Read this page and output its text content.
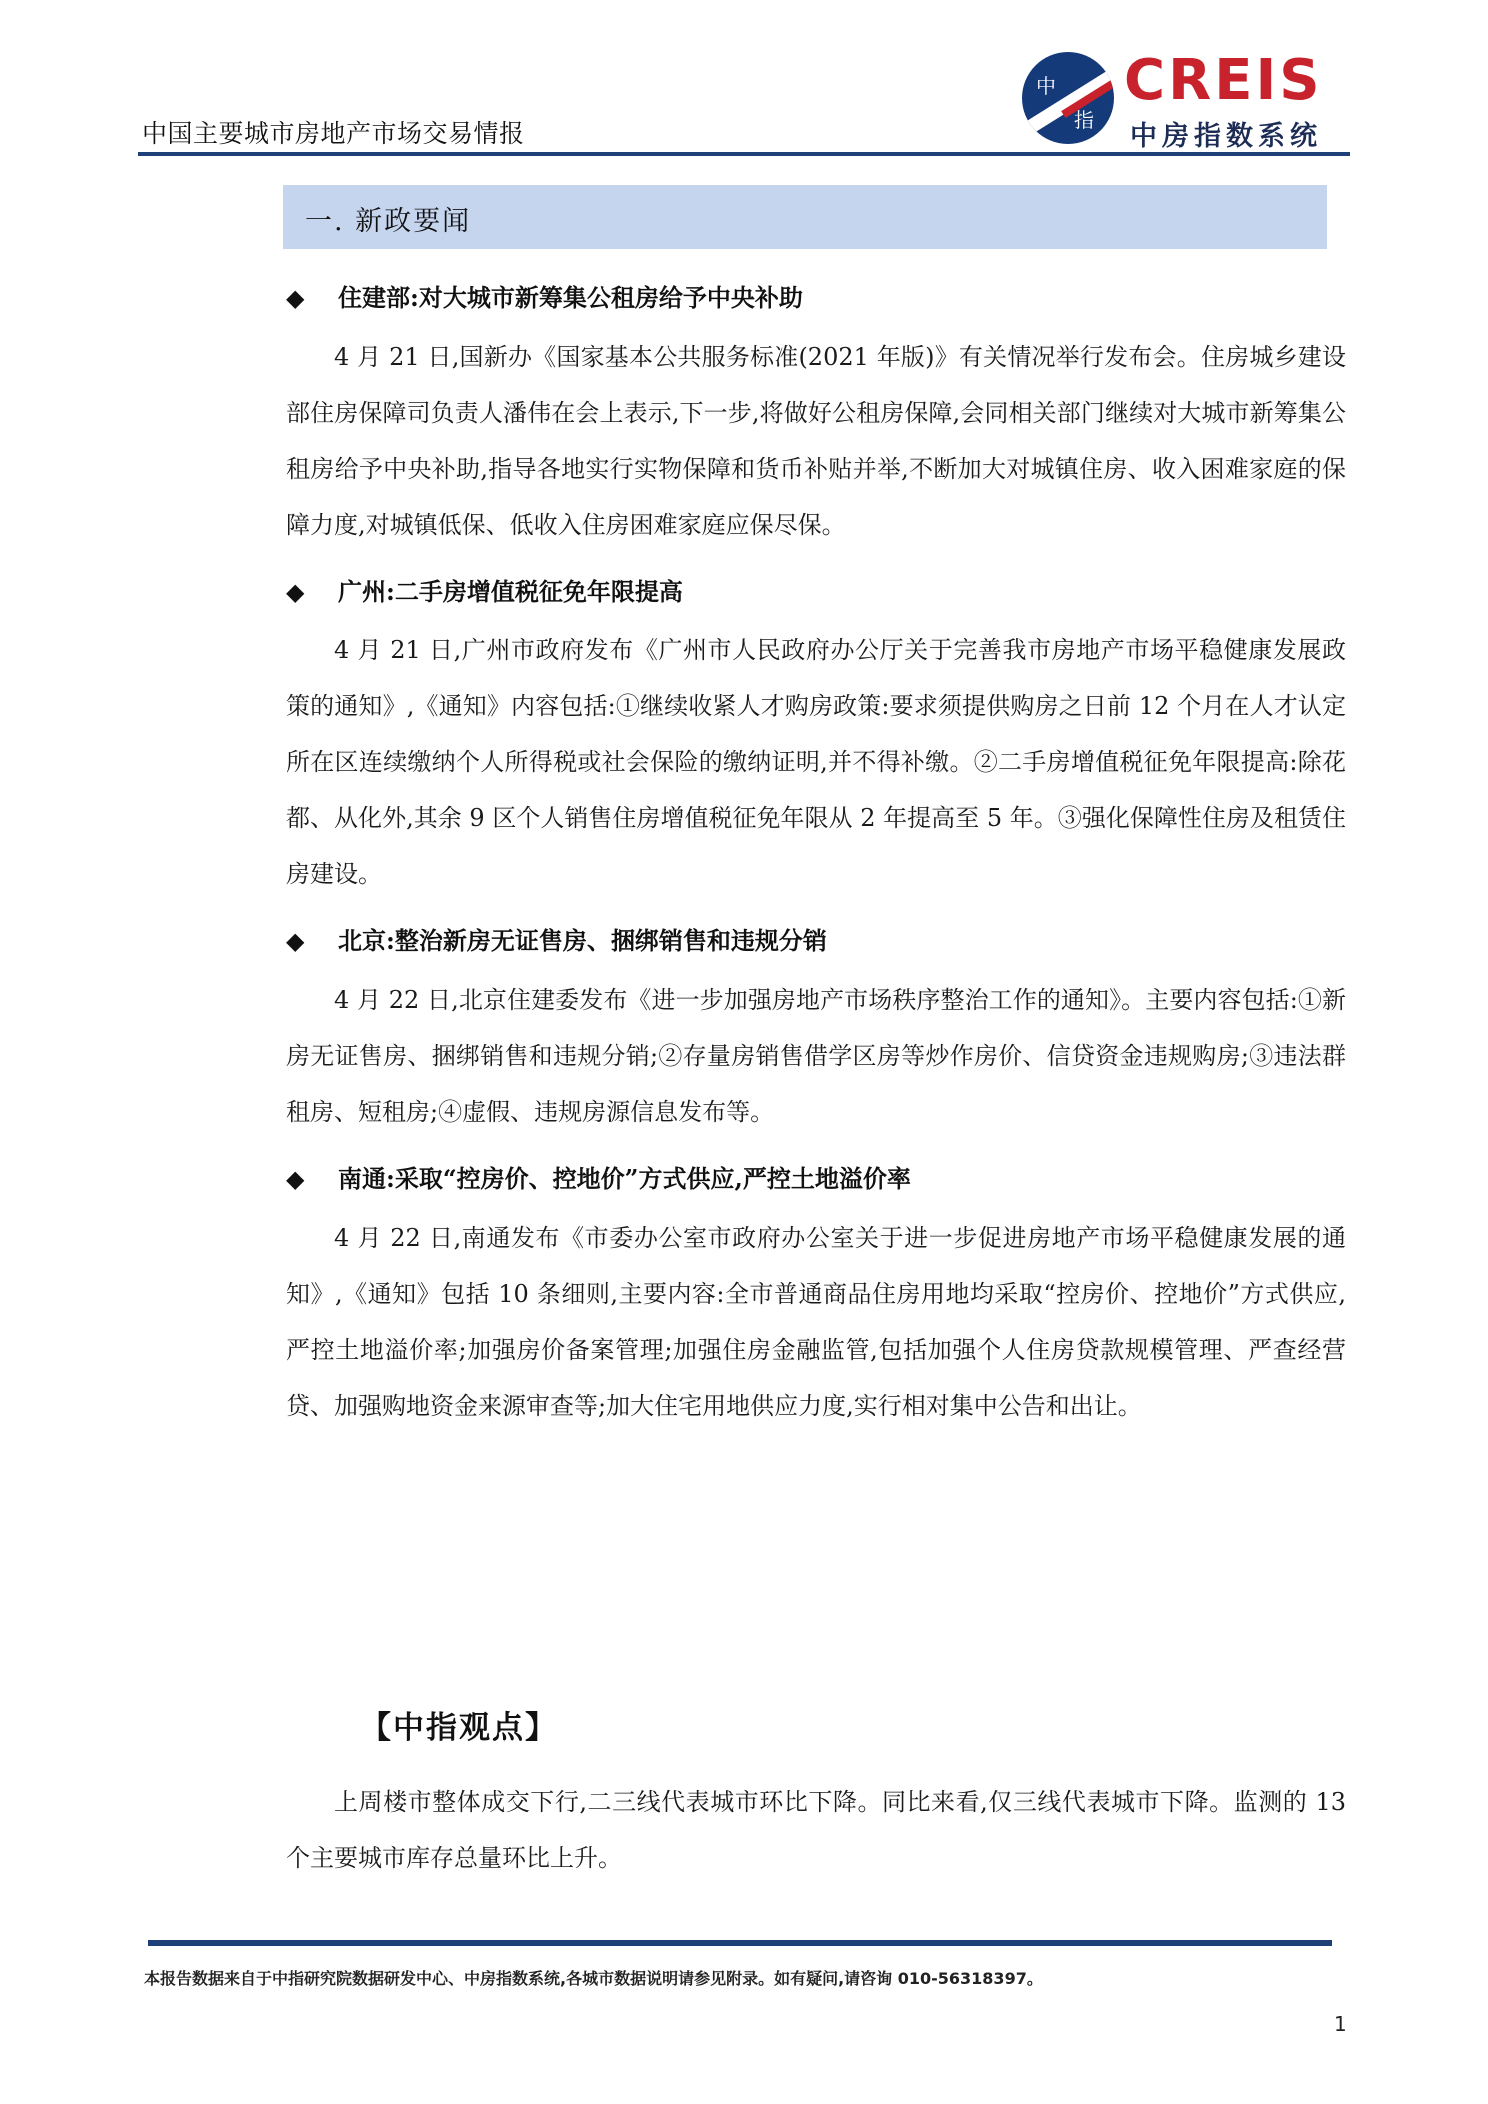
中国主要城市房地产市场交易情报
中
指
CREIS
中房指数系统
一. 新政要闻
◆ 住建部:对大城市新筹集公租房给予中央补助

4 月 21 日,国新办《国家基本公共服务标准(2021 年版)》有关情况举行发布会。住房城乡建设部住房保障司负责人潘伟在会上表示,下一步,将做好公租房保障,会同相关部门继续对大城市新筹集公租房给予中央补助,指导各地实行实物保障和货币补贴并举,不断加大对城镇住房、收入困难家庭的保障力度,对城镇低保、低收入住房困难家庭应保尽保。

◆ 广州:二手房增值税征免年限提高

4 月 21 日,广州市政府发布《广州市人民政府办公厅关于完善我市房地产市场平稳健康发展政策的通知》,《通知》内容包括:①继续收紧人才购房政策:要求须提供购房之日前 12 个月在人才认定所在区连续缴纳个人所得税或社会保险的缴纳证明,并不得补缴。②二手房增值税征免年限提高:除花都、从化外,其余 9 区个人销售住房增值税征免年限从 2 年提高至 5 年。③强化保障性住房及租赁住房建设。

◆ 北京:整治新房无证售房、捆绑销售和违规分销

4 月 22 日,北京住建委发布《进一步加强房地产市场秩序整治工作的通知》。主要内容包括:①新房无证售房、捆绑销售和违规分销;②存量房销售借学区房等炒作房价、信贷资金违规购房;③违法群租房、短租房;④虚假、违规房源信息发布等。

◆ 南通:采取“控房价、控地价”方式供应,严控土地溢价率

4 月 22 日,南通发布《市委办公室市政府办公室关于进一步促进房地产市场平稳健康发展的通知》,《通知》包括 10 条细则,主要内容:全市普通商品住房用地均采取“控房价、控地价”方式供应,严控土地溢价率;加强房价备案管理;加强住房金融监管,包括加强个人住房贷款规模管理、严查经营贷、加强购地资金来源审查等;加大住宅用地供应力度,实行相对集中公告和出让。

【中指观点】

上周楼市整体成交下行,二三线代表城市环比下降。同比来看,仅三线代表城市下降。监测的 13 个主要城市库存总量环比上升。

本报告数据来自于中指研究院数据研发中心、中房指数系统,各城市数据说明请参见附录。如有疑问,请咨询 010-56318397。
1
